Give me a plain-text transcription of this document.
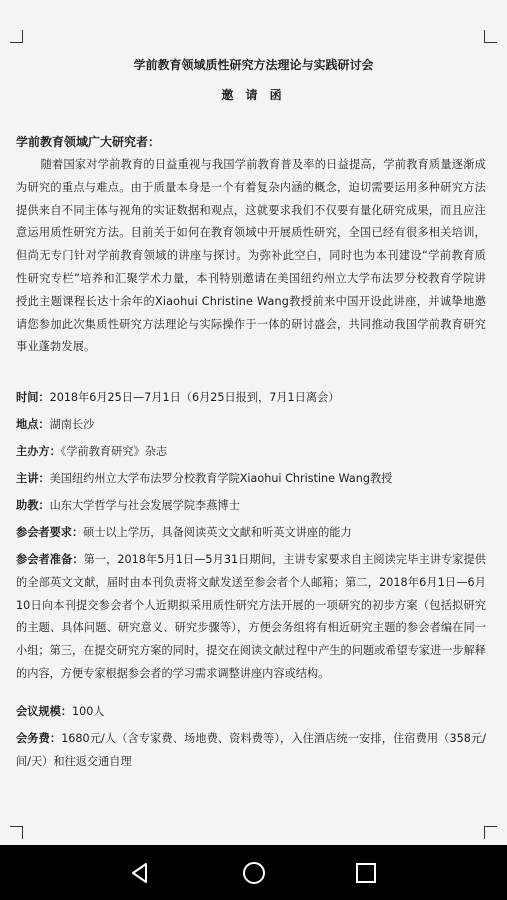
学前教育领域质性研究方法理论与实践研讨会
邀 请 函
学前教育领域广大研究者：

随着国家对学前教育的日益重视与我国学前教育普及率的日益提高，学前教育质量逐渐成为研究的重点与难点。由于质量本身是一个有着复杂内涵的概念，迫切需要运用多种研究方法提供来自不同主体与视角的实证数据和观点，这就要求我们不仅要有量化研究成果，而且应注意运用质性研究方法。目前关于如何在教育领域中开展质性研究，全国已经有很多相关培训，但尚无专门针对学前教育领域的讲座与探讨。为弥补此空白，同时也为本刊建设“学前教育质性研究专栏”培养和汇聚学术力量，本刊特别邀请在美国纽约州立大学布法罗分校教育学院讲授此主题课程长达十余年的Xiaohui Christine Wang教授前来中国开设此讲座，并诚挚地邀请您参加此次集质性研究方法理论与实际操作于一体的研讨盛会，共同推动我国学前教育研究事业蓬勃发展。

时间：2018年6月25日—7月1日（6月25日报到，7月1日离会）

地点：湖南长沙

主办方：《学前教育研究》杂志

主讲：美国纽约州立大学布法罗分校教育学院Xiaohui Christine Wang教授

助教：山东大学哲学与社会发展学院李燕博士

参会者要求：硕士以上学历，具备阅读英文文献和听英文讲座的能力

参会者准备：第一，2018年5月1日—5月31日期间，主讲专家要求自主阅读完毕主讲专家提供的全部英文文献，届时由本刊负责将文献发送至参会者个人邮箱；第二，2018年6月1日—6月10日向本刊提交参会者个人近期拟采用质性研究方法开展的一项研究的初步方案（包括拟研究的主题、具体问题、研究意义、研究步骤等），方便会务组将有相近研究主题的参会者编在同一小组；第三，在提交研究方案的同时，提交在阅读文献过程中产生的问题或希望专家进一步解释的内容，方便专家根据参会者的学习需求调整讲座内容或结构。

会议规模：100人

会务费：1680元/人（含专家费、场地费、资料费等），入住酒店统一安排，住宿费用（358元/间/天）和往返交通自理
